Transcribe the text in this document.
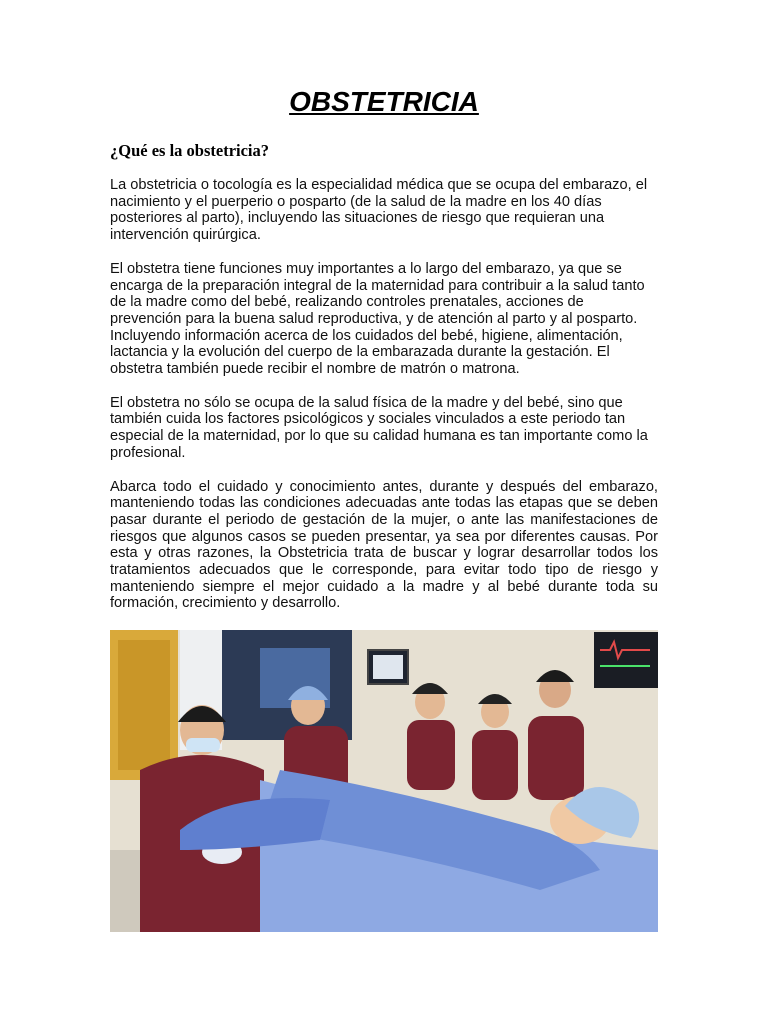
OBSTETRICIA
¿Qué es la obstetricia?

La obstetricia o tocología es la especialidad médica que se ocupa del embarazo, el nacimiento y el puerperio o posparto (de la salud de la madre en los 40 días posteriores al parto), incluyendo las situaciones de riesgo que requieran una intervención quirúrgica.

El obstetra tiene funciones muy importantes a lo largo del embarazo, ya que se encarga de la preparación integral de la maternidad para contribuir a la salud tanto de la madre como del bebé, realizando controles prenatales, acciones de prevención para la buena salud reproductiva, y de atención al parto y al posparto. Incluyendo información acerca de los cuidados del bebé, higiene, alimentación, lactancia y la evolución del cuerpo de la embarazada durante la gestación. El obstetra también puede recibir el nombre de matrón o matrona.

El obstetra no sólo se ocupa de la salud física de la madre y del bebé, sino que también cuida los factores psicológicos y sociales vinculados a este periodo tan especial de la maternidad, por lo que su calidad humana es tan importante como la profesional.

Abarca todo el cuidado y conocimiento antes, durante y después del embarazo, manteniendo todas las condiciones adecuadas ante todas las etapas que se deben pasar durante el periodo de gestación de la mujer, o ante las manifestaciones de riesgos que algunos casos se pueden presentar, ya sea por diferentes causas. Por esta y otras razones, la Obstetricia trata de buscar y lograr desarrollar todos los tratamientos adecuados que le corresponde, para evitar todo tipo de riesgo y manteniendo siempre el mejor cuidado a la madre y al bebé durante toda su formación, crecimiento y desarrollo.
